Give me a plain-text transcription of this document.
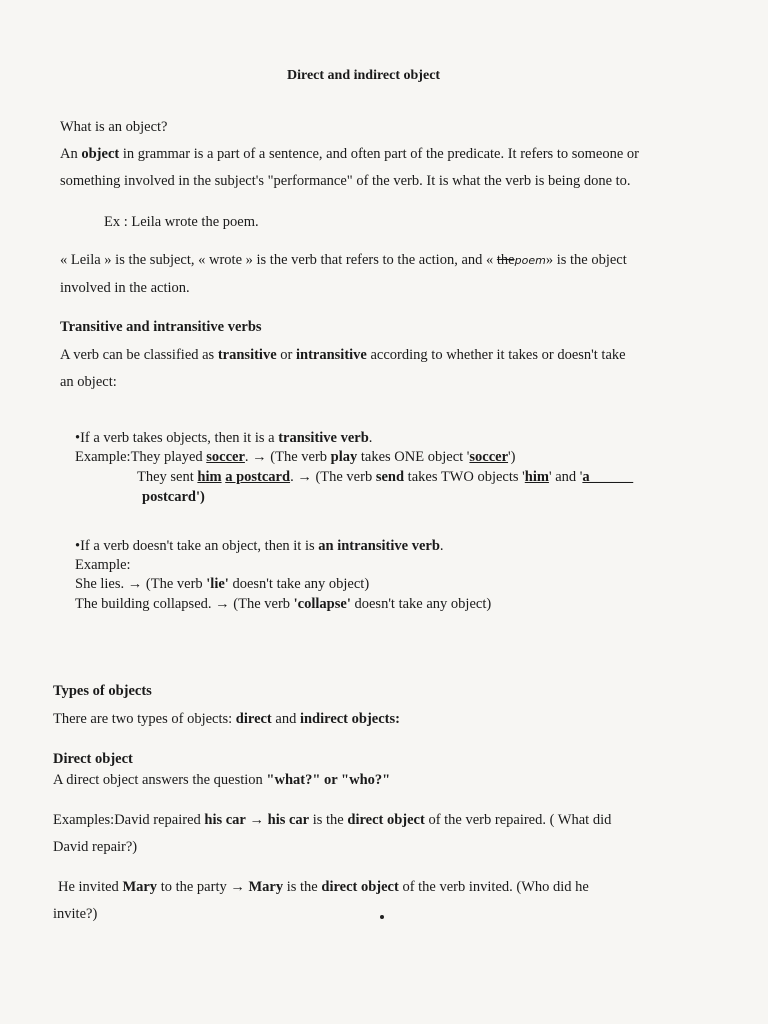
Direct and indirect object
What is an object?
An object in grammar is a part of a sentence, and often part of the predicate. It refers to someone or
something involved in the subject's "performance" of the verb. It is what the verb is being done to.
Ex : Leila wrote the poem.
« Leila » is the subject, « wrote » is the verb that refers to the action, and « thepoem» is the object
involved in the action.
Transitive and intransitive verbs
A verb can be classified as transitive or intransitive according to whether it takes or doesn't take
an object:
•If a verb takes objects, then it is a transitive verb.
Example:They played soccer. → (The verb play takes ONE object 'soccer')
They sent him a postcard. → (The verb send takes TWO objects 'him' and 'a______
postcard')
•If a verb doesn't take an object, then it is an intransitive verb.
Example:
She lies. → (The verb 'lie' doesn't take any object)
The building collapsed. → (The verb 'collapse' doesn't take any object)
Types of objects
There are two types of objects: direct and indirect objects:
Direct object
A direct object answers the question "what?" or "who?"
Examples:David repaired his car → his car is the direct object of the verb repaired. ( What did
David repair?)
He invited Mary to the party → Mary is the direct object of the verb invited. (Who did he
invite?)
